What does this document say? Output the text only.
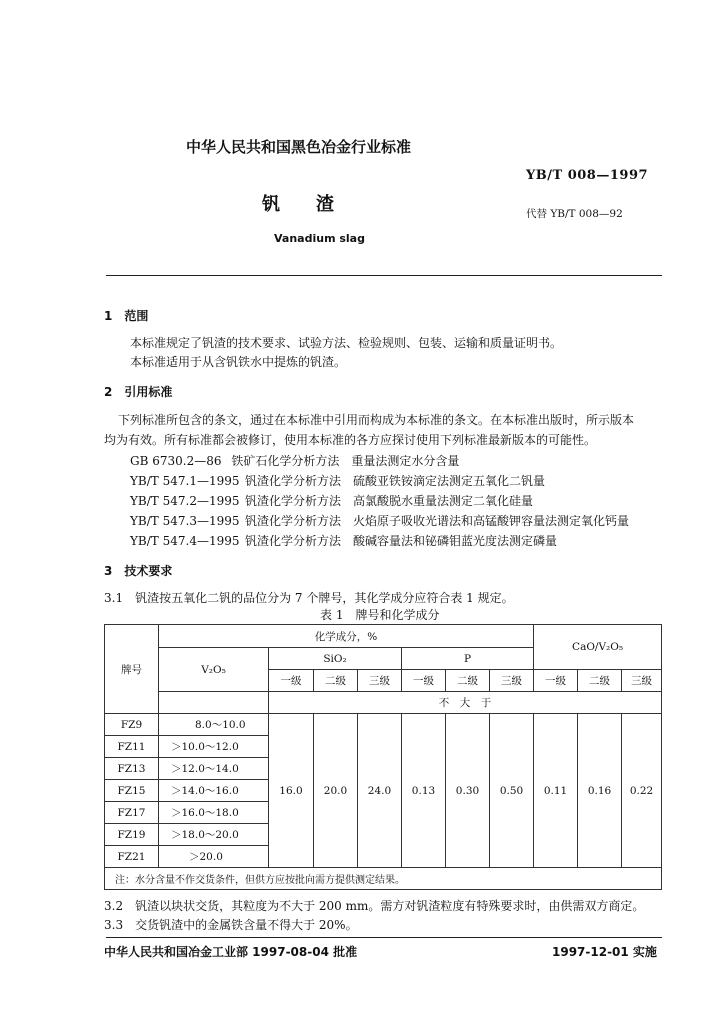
中华人民共和国黑色冶金行业标准
YB/T 008—1997
钒　　渣	代替 YB/T 008—92
Vanadium slag
1　范围
本标准规定了钒渣的技术要求、试验方法、检验规则、包装、运输和质量证明书。
本标准适用于从含钒铁水中提炼的钒渣。
2　引用标准
下列标准所包含的条文，通过在本标准中引用而构成为本标准的条文。在本标准出版时，所示版本
均为有效。所有标准都会被修订，使用本标准的各方应探讨使用下列标准最新版本的可能性。
GB 6730.2—86 铁矿石化学分析方法　重量法测定水分含量
YB/T 547.1—1995 钒渣化学分析方法　硫酸亚铁铵滴定法测定五氧化二钒量
YB/T 547.2—1995 钒渣化学分析方法　高氯酸脱水重量法测定二氧化硅量
YB/T 547.3—1995 钒渣化学分析方法　火焰原子吸收光谱法和高锰酸钾容量法测定氧化钙量
YB/T 547.4—1995 钒渣化学分析方法　酸碱容量法和铋磷钼蓝光度法测定磷量
3　技术要求
3.1　钒渣按五氧化二钒的品位分为 7 个牌号，其化学成分应符合表 1 规定。
表 1　牌号和化学成分
牌号	化学成分，%							CaO/V₂O₅		
	V₂O₅	SiO₂			P					
		一级	二级	三级	一级	二级	三级	一级	二级	三级
		不　大　于								
FZ9	8.0～10.0	16.0	20.0	24.0	0.13	0.30	0.50	0.11	0.16	0.22
FZ11	＞10.0～12.0									
FZ13	＞12.0～14.0									
FZ15	＞14.0～16.0									
FZ17	＞16.0～18.0									
FZ19	＞18.0～20.0									
FZ21	＞20.0									
注：水分含量不作交货条件，但供方应按批向需方提供测定结果。										
3.2　钒渣以块状交货，其粒度为不大于 200 mm。需方对钒渣粒度有特殊要求时，由供需双方商定。
3.3　交货钒渣中的金属铁含量不得大于 20%。
中华人民共和国冶金工业部 1997-08-04 批准	1997-12-01 实施
